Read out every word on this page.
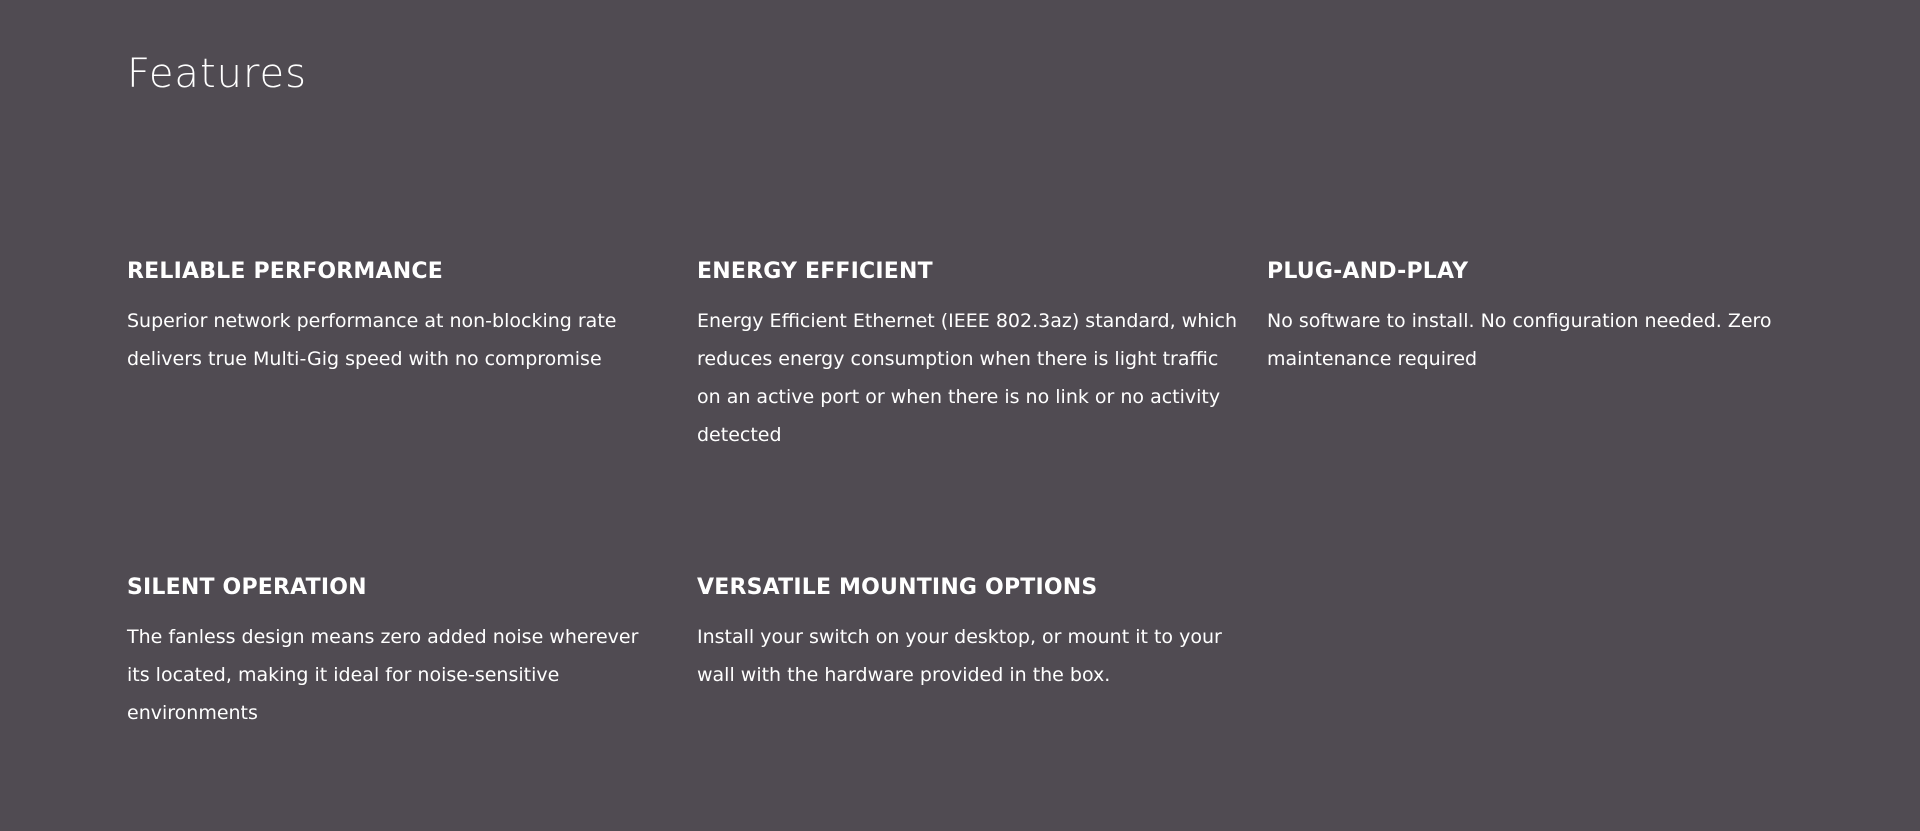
Features
RELIABLE PERFORMANCE

Superior network performance at non-blocking rate delivers true Multi-Gig speed with no compromise

ENERGY EFFICIENT

Energy Efficient Ethernet (IEEE 802.3az) standard, which reduces energy consumption when there is light traffic on an active port or when there is no link or no activity detected

PLUG-AND-PLAY

No software to install. No configuration needed. Zero maintenance required

SILENT OPERATION

The fanless design means zero added noise wherever its located, making it ideal for noise-sensitive environments

VERSATILE MOUNTING OPTIONS

Install your switch on your desktop, or mount it to your wall with the hardware provided in the box.
